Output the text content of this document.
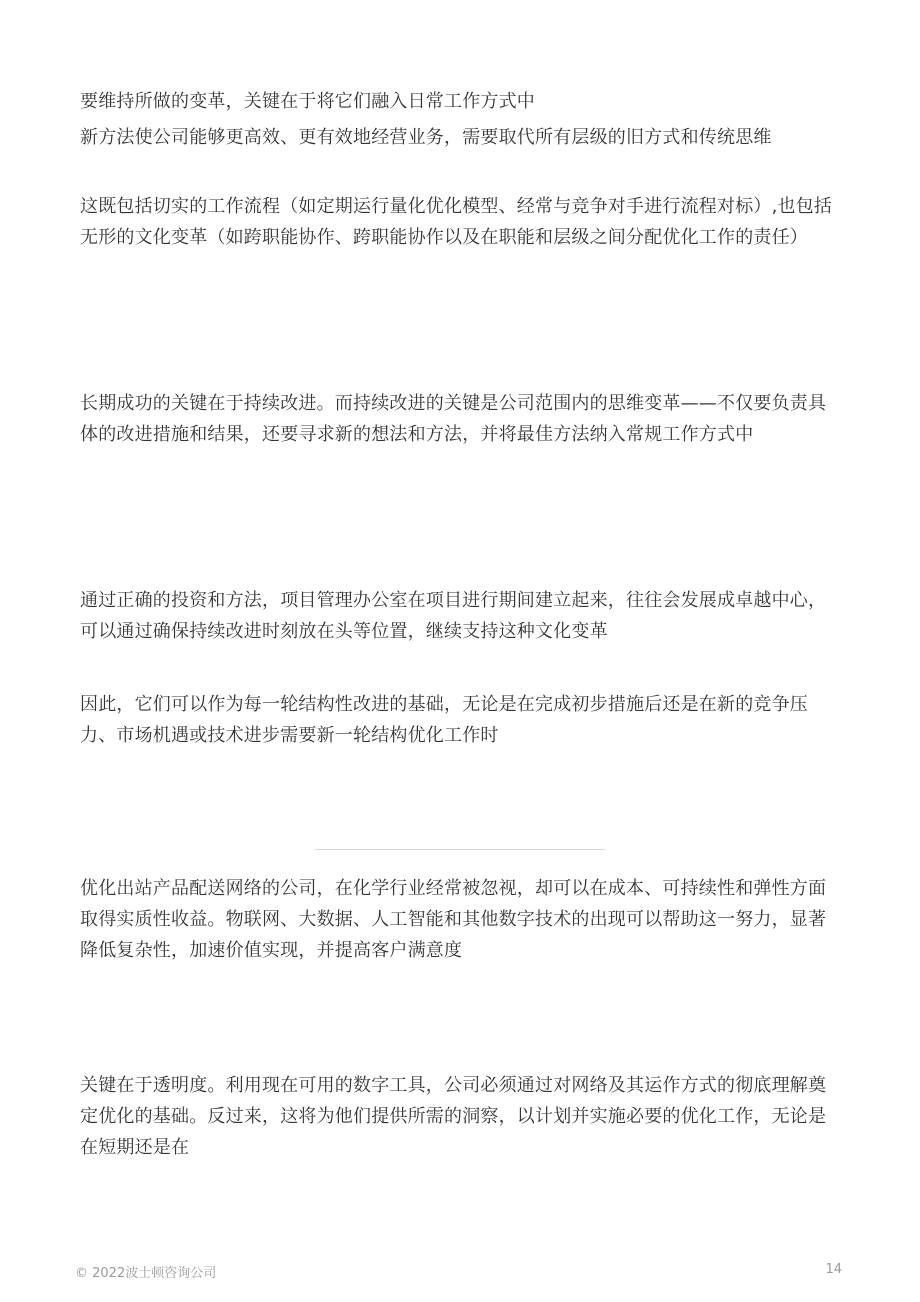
要维持所做的变革，关键在于将它们融入日常工作方式中

新方法使公司能够更高效、更有效地经营业务，需要取代所有层级的旧方式和传统思维

这既包括切实的工作流程（如定期运行量化优化模型、经常与竞争对手进行流程对标）,也包括无形的文化变革（如跨职能协作、跨职能协作以及在职能和层级之间分配优化工作的责任）

长期成功的关键在于持续改进。而持续改进的关键是公司范围内的思维变革——不仅要负责具体的改进措施和结果，还要寻求新的想法和方法，并将最佳方法纳入常规工作方式中

通过正确的投资和方法，项目管理办公室在项目进行期间建立起来，往往会发展成卓越中心，可以通过确保持续改进时刻放在头等位置，继续支持这种文化变革

因此，它们可以作为每一轮结构性改进的基础，无论是在完成初步措施后还是在新的竞争压力、市场机遇或技术进步需要新一轮结构优化工作时

优化出站产品配送网络的公司，在化学行业经常被忽视，却可以在成本、可持续性和弹性方面取得实质性收益。物联网、大数据、人工智能和其他数字技术的出现可以帮助这一努力，显著降低复杂性，加速价值实现，并提高客户满意度

关键在于透明度。利用现在可用的数字工具，公司必须通过对网络及其运作方式的彻底理解奠定优化的基础。反过来，这将为他们提供所需的洞察，以计划并实施必要的优化工作，无论是在短期还是在

© 2022波士顿咨询公司	14
